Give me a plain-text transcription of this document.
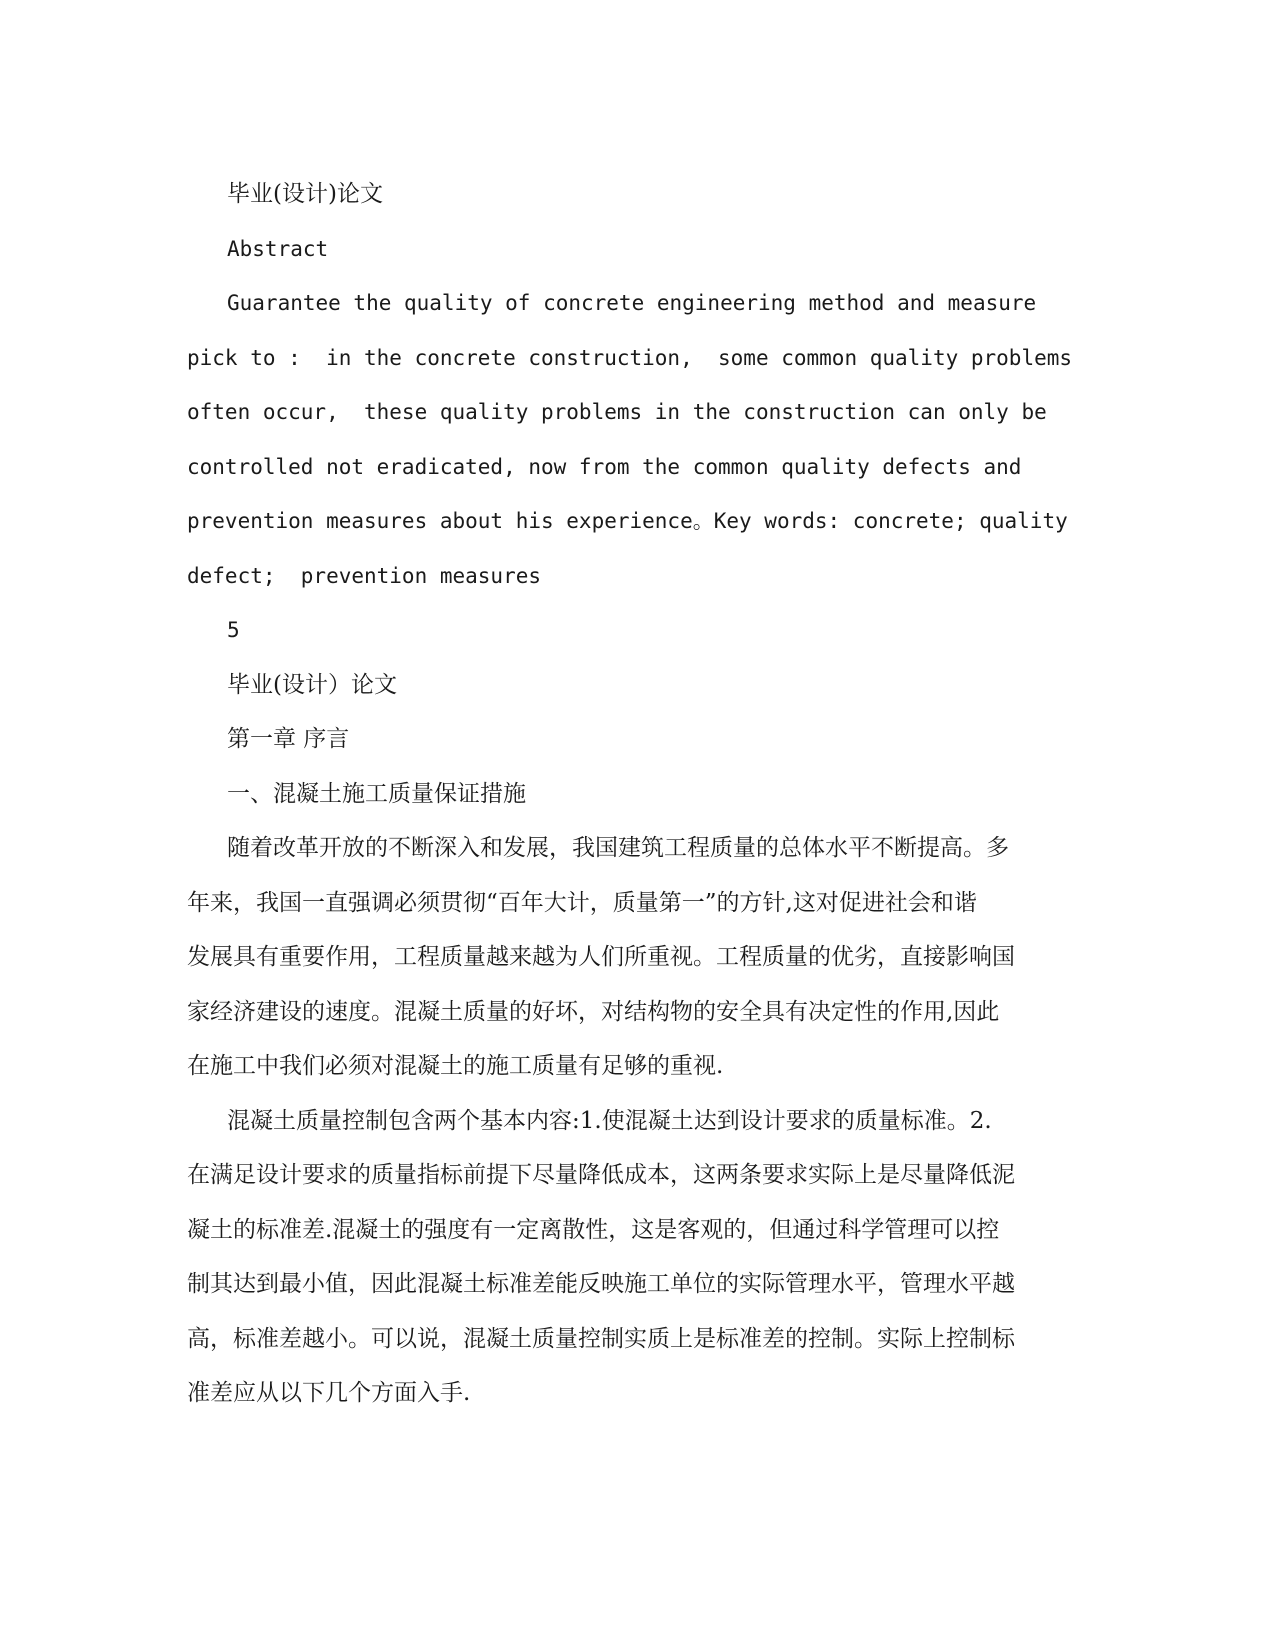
毕业(设计)论文

Abstract

Guarantee the quality of concrete engineering method and measure

pick to :  in the concrete construction,  some common quality problems

often occur,  these quality problems in the construction can only be

controlled not eradicated, now from the common quality defects and

prevention measures about his experience。Key words: concrete; quality

defect;  prevention measures

5

毕业(设计）论文

第一章 序言

一、混凝土施工质量保证措施

随着改革开放的不断深入和发展，我国建筑工程质量的总体水平不断提高。多

年来，我国一直强调必须贯彻“百年大计，质量第一”的方针,这对促进社会和谐

发展具有重要作用，工程质量越来越为人们所重视。工程质量的优劣，直接影响国

家经济建设的速度。混凝土质量的好坏，对结构物的安全具有决定性的作用,因此

在施工中我们必须对混凝土的施工质量有足够的重视.

混凝土质量控制包含两个基本内容:1.使混凝土达到设计要求的质量标准。2.

在满足设计要求的质量指标前提下尽量降低成本，这两条要求实际上是尽量降低泥

凝土的标准差.混凝土的强度有一定离散性，这是客观的，但通过科学管理可以控

制其达到最小值，因此混凝土标准差能反映施工单位的实际管理水平，管理水平越

高，标准差越小。可以说，混凝土质量控制实质上是标准差的控制。实际上控制标

准差应从以下几个方面入手.
